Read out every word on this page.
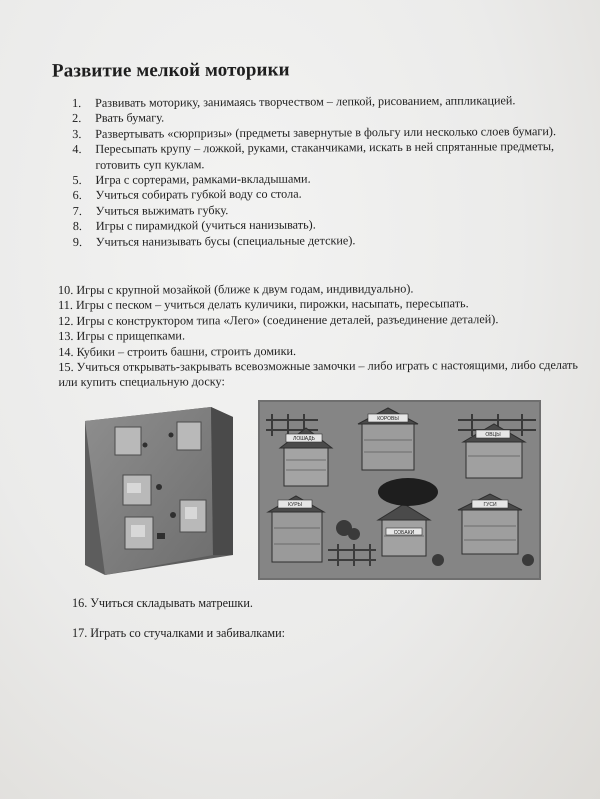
Развитие мелкой моторики
1.	Развивать моторику, занимаясь творчеством – лепкой, рисованием, аппликацией.
2.	Рвать бумагу.
3.	Развертывать «сюрпризы» (предметы завернутые в фольгу или несколько слоев бумаги).
4.	Пересыпать крупу – ложкой, руками, стаканчиками, искать в ней спрятанные предметы, готовить суп куклам.
5.	Игра с сортерами, рамками-вкладышами.
6.	Учиться собирать губкой воду со стола.
7.	Учиться выжимать губку.
8.	Игры с пирамидкой (учиться нанизывать).
9.	Учиться нанизывать бусы (специальные детские).
10. Игры с крупной мозайкой (ближе к двум годам, индивидуально).
11. Игры с песком – учиться делать куличики, пирожки, насыпать, пересыпать.
12. Игры с конструктором типа «Лего» (соединение деталей, разъединение деталей).
13. Игры с прищепками.
14. Кубики – строить башни, строить домики.
15. Учиться открывать-закрывать всевозможные замочки – либо играть с настоящими, либо сделать или купить специальную доску:
ЛОШАДЬ
КОРОВЫ
ОВЦЫ
КУРЫ
СОБАКИ
ГУСИ
16. Учиться складывать матрешки.
17. Играть со стучалками и забивалками:
